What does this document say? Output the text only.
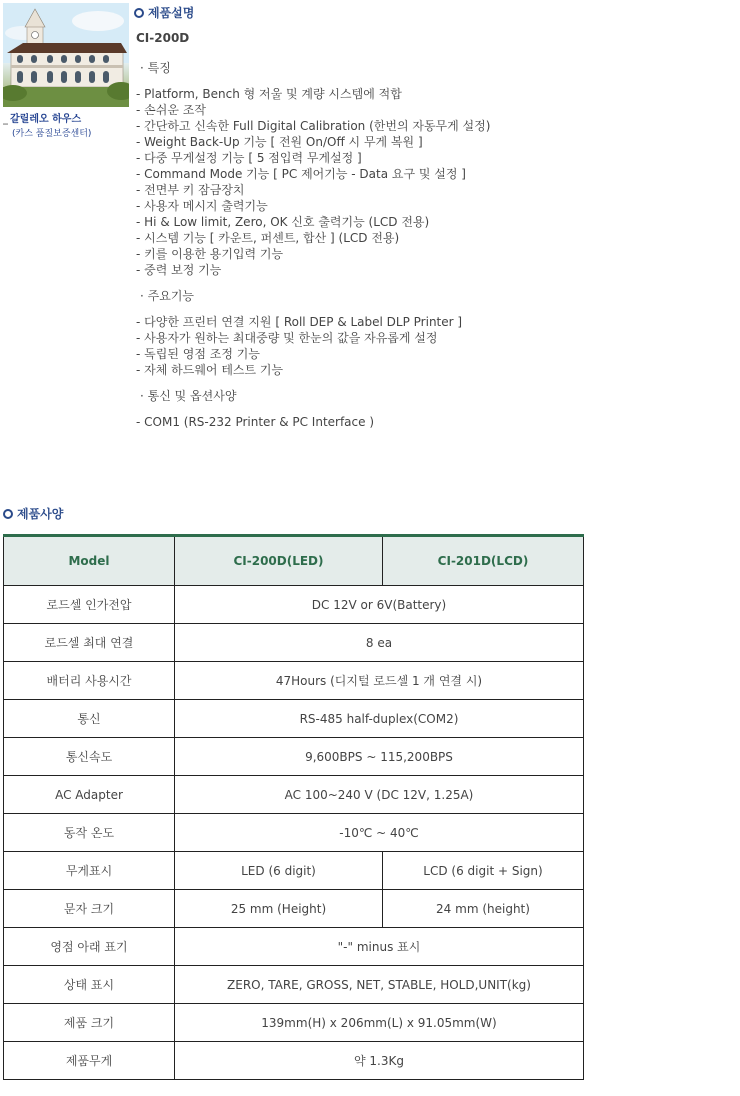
_ 갈릴레오 하우스
(카스 품질보증센터)
제품설명
CI-200D
· 특징
- Platform, Bench 형 저울 및 계량 시스템에 적합
- 손쉬운 조작
- 간단하고 신속한 Full Digital Calibration (한번의 자동무게 설정)
- Weight Back-Up 기능 [ 전원 On/Off 시 무게 복원 ]
- 다중 무게설정 기능 [ 5 점입력 무게설정 ]
- Command Mode 기능 [ PC 제어기능 - Data 요구 및 설정 ]
- 전면부 키 잠금장치
- 사용자 메시지 출력기능
- Hi & Low limit, Zero, OK 신호 출력기능 (LCD 전용)
- 시스템 기능 [ 카운트, 퍼센트, 합산 ] (LCD 전용)
- 키를 이용한 용기입력 기능
- 중력 보정 기능
· 주요기능
- 다양한 프린터 연결 지원 [ Roll DEP & Label DLP Printer ]
- 사용자가 원하는 최대중량 및 한눈의 값을 자유롭게 설정
- 독립된 영점 조정 기능
- 자체 하드웨어 테스트 기능
· 통신 및 옵션사양
- COM1 (RS-232 Printer & PC Interface )
제품사양
Model	CI-200D(LED)	CI-201D(LCD)
로드셀 인가전압	DC 12V or 6V(Battery)	
로드셀 최대 연결	8 ea	
배터리 사용시간	47Hours (디지털 로드셀 1 개 연결 시)	
통신	RS-485 half-duplex(COM2)	
통신속도	9,600BPS ~ 115,200BPS	
AC Adapter	AC 100~240 V (DC 12V, 1.25A)	
동작 온도	-10℃ ~ 40℃	
무게표시	LED (6 digit)	LCD (6 digit + Sign)
문자 크기	25 mm (Height)	24 mm (height)
영점 아래 표기	"-" minus 표시	
상태 표시	ZERO, TARE, GROSS, NET, STABLE, HOLD,UNIT(kg)	
제품 크기	139mm(H) x 206mm(L) x 91.05mm(W)	
제품무게	약 1.3Kg	
